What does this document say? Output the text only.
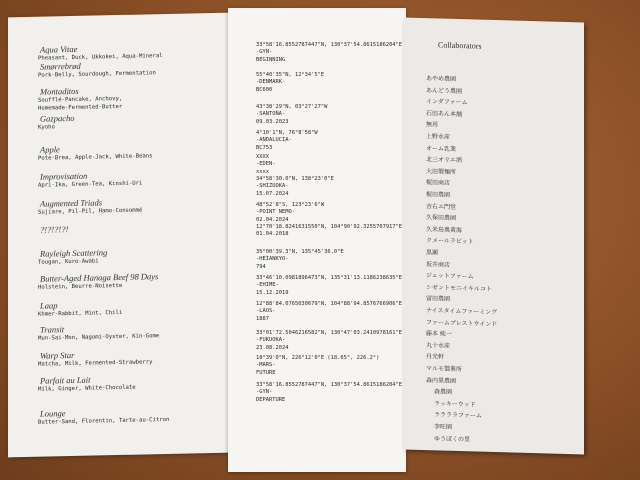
Aqua Vitae
Pheasant, Duck, Ukkokei, Aqua-Mineral
Smørrebrød
Pork-Belly, Sourdough, Fermentation
Montaditos
Soufflé-Pancake, Anchovy,
Homemade-Fermented-Butter
Gazpacho
Kyoho
Apple
Pote-Brea, Apple-Jack, White-Beans
Improvisation
Apri-Ika, Green-Tea, Kinshi-Uri
Augmented Triads
Sujiare, Pil-Pil, Hamo-Consommé
?!?!?!?!
Rayleigh Scattering
Tougan, Kuro-Awabi
Butter-Aged Hanaga Beef 98 Days
Holstein, Beurre-Noisette
Laap
Khmer-Rabbit, Mint, Chili
Transit
Mun-Sai-Mon, Nagomi-Oyster, Kin-Gome
Warp Star
Matcha, Milk, Fermented-Strawberry
Parfait au Lait
Milk, Ginger, White-Chocolate
Lounge
Butter-Sand, Florentin, Tarte-au-Citron
33°58'16.8552787447"N, 130°37'54.8615186204"E
-GYN-
BEGINNING
55°40'35"N, 12°34'5"E
-DENMARK-
BC600
43°38'29"N, 03°27'27"W
-SANTOÑA-
09.03.2023
4°10'1"N, 76°8'58"W
-ANDALUCIA-
BC753
XXXX
-EDEN-
xxxx
34°58'30.0"N, 138°23'0"E
-SHIZUOKA-
15.07.2024
48°52'8"S, 123°23'6"W
-POINT NEMO-
02.04.2024
12°70'18.8241631550"N, 104°90'92.3255707917"E
01.04.2018
35°00'39.3"N, 135°45'36.0"E
-HEIANKYO-
794
33°46'10.0981896473"N, 135°31'13.1186238635"E
-EHIME-
15.12.2019
12°88'84.0765030679"N, 104°88'94.8576766906"E
-LAOS-
1887
33°01'72.5046216582"N, 130°47'03.2410978161"E
-FUKUOKA-
23.08.2024
18°39'0"N, 226°12'0"E (18.65°, 226.2°)
-MARS-
FUTURE
33°58'16.8552787447"N, 130°37'54.8615186204"E
-GYN-
DEPARTURE
Collaborators
あやめ農園
あんどう農園
インダファーム
石田あん本舗
無用
上野水産
オーム乳業
北三オリエ酒
大田製麺所
梶田商店
梶田農園
吉右エ門堂
久保田農園
久米島奥黄海
クメールラビット
黒瀬
坂井商店
ジェットファーム
シゼントモニイキルコト
富田農園
ナイスタイムファーミング
ファームブレストウインド
藤本 純一
丸十水産
丹光軒
マルモ製菓所
森内果農園
森農園
ラッキーウッド
ララララファーム
李旺園
ゆうぼくの里
